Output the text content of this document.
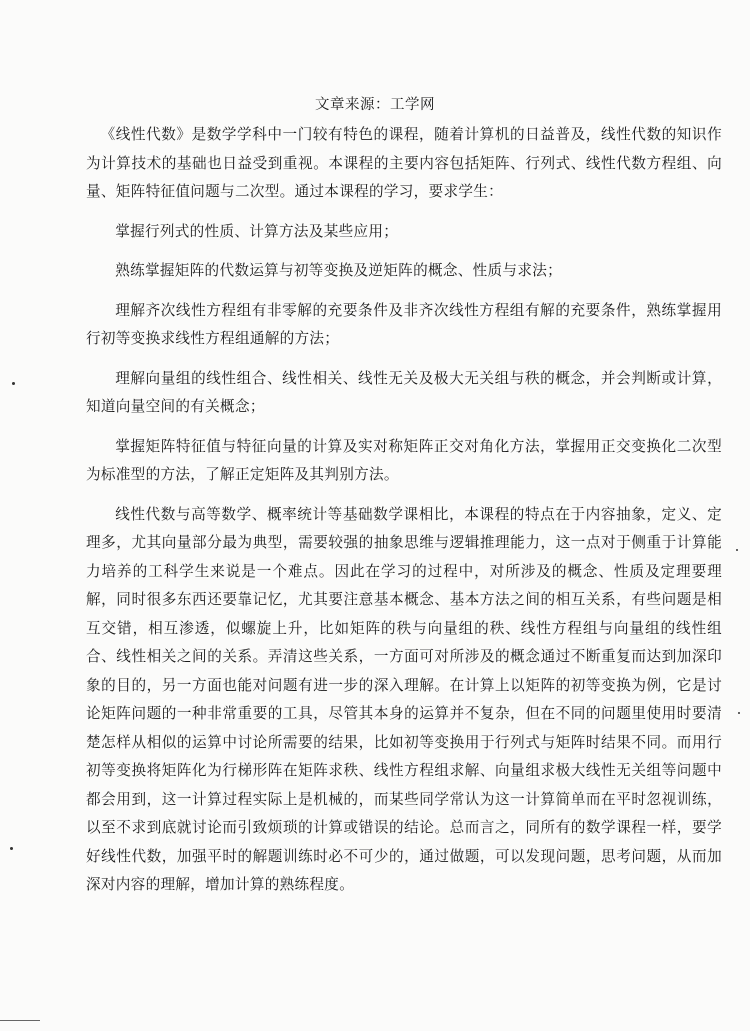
文章来源：工学网

《线性代数》是数学学科中一门较有特色的课程，随着计算机的日益普及，线性代数的知识作为计算技术的基础也日益受到重视。本课程的主要内容包括矩阵、行列式、线性代数方程组、向量、矩阵特征值问题与二次型。通过本课程的学习，要求学生：

掌握行列式的性质、计算方法及某些应用；

熟练掌握矩阵的代数运算与初等变换及逆矩阵的概念、性质与求法；

理解齐次线性方程组有非零解的充要条件及非齐次线性方程组有解的充要条件，熟练掌握用行初等变换求线性方程组通解的方法；

理解向量组的线性组合、线性相关、线性无关及极大无关组与秩的概念，并会判断或计算，知道向量空间的有关概念；

掌握矩阵特征值与特征向量的计算及实对称矩阵正交对角化方法，掌握用正交变换化二次型为标准型的方法，了解正定矩阵及其判别方法。

线性代数与高等数学、概率统计等基础数学课相比，本课程的特点在于内容抽象，定义、定理多，尤其向量部分最为典型，需要较强的抽象思维与逻辑推理能力，这一点对于侧重于计算能力培养的工科学生来说是一个难点。因此在学习的过程中，对所涉及的概念、性质及定理要理解，同时很多东西还要靠记忆，尤其要注意基本概念、基本方法之间的相互关系，有些问题是相互交错，相互渗透，似螺旋上升，比如矩阵的秩与向量组的秩、线性方程组与向量组的线性组合、线性相关之间的关系。弄清这些关系，一方面可对所涉及的概念通过不断重复而达到加深印象的目的，另一方面也能对问题有进一步的深入理解。在计算上以矩阵的初等变换为例，它是讨论矩阵问题的一种非常重要的工具，尽管其本身的运算并不复杂，但在不同的问题里使用时要清楚怎样从相似的运算中讨论所需要的结果，比如初等变换用于行列式与矩阵时结果不同。而用行初等变换将矩阵化为行梯形阵在矩阵求秩、线性方程组求解、向量组求极大线性无关组等问题中都会用到，这一计算过程实际上是机械的，而某些同学常认为这一计算简单而在平时忽视训练，以至不求到底就讨论而引致烦琐的计算或错误的结论。总而言之，同所有的数学课程一样，要学好线性代数，加强平时的解题训练时必不可少的，通过做题，可以发现问题，思考问题，从而加深对内容的理解，增加计算的熟练程度。
